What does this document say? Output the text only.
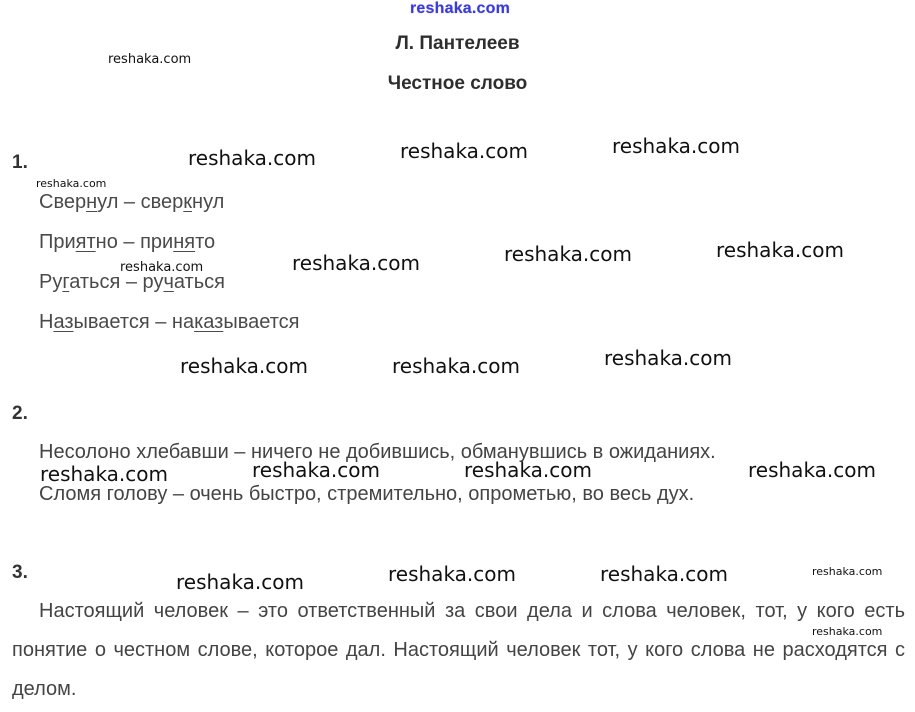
reshaka.com
Л. Пантелеев
Честное слово
1.
Свернул – сверкнул
Приятно – принято
Ругаться – ручаться
Называется – наказывается
2.
Несолоно хлебавши – ничего не добившись, обманувшись в ожиданиях.
Сломя голову – очень быстро, стремительно, опрометью, во весь дух.
3.
Настоящий человек – это ответственный за свои дела и слова человек, тот, у кого есть понятие о честном слове, которое дал. Настоящий человек тот, у кого слова не расходятся с делом.
reshaka.com
reshaka.com	reshaka.com	reshaka.com
reshaka.com
reshaka.com	reshaka.com	reshaka.com	reshaka.com
reshaka.com	reshaka.com	reshaka.com
reshaka.com	reshaka.com	reshaka.com	reshaka.com
reshaka.com	reshaka.com	reshaka.com	reshaka.com
reshaka.com
